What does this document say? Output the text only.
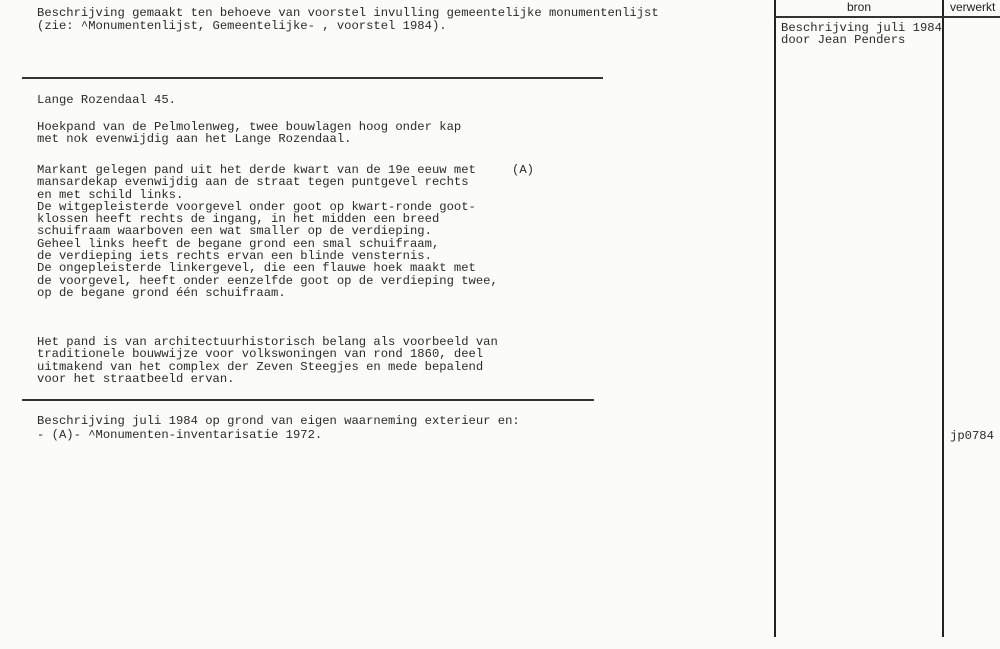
Beschrijving gemaakt ten behoeve van voorstel invulling gemeentelijke monumentenlijst
(zie: ^Monumentenlijst, Gemeentelijke- , voorstel 1984).
Lange Rozendaal 45.
Hoekpand van de Pelmolenweg, twee bouwlagen hoog onder kap
met nok evenwijdig aan het Lange Rozendaal.
Markant gelegen pand uit het derde kwart van de 19e eeuw met
mansardekap evenwijdig aan de straat tegen puntgevel rechts
en met schild links.
De witgepleisterde voorgevel onder goot op kwart-ronde goot-
klossen heeft rechts de ingang, in het midden een breed
schuifraam waarboven een wat smaller op de verdieping.
Geheel links heeft de begane grond een smal schuifraam,
de verdieping iets rechts ervan een blinde vensternis.
De ongepleisterde linkergevel, die een flauwe hoek maakt met
de voorgevel, heeft onder eenzelfde goot op de verdieping twee,
op de begane grond één schuifraam.
(A)
Het pand is van architectuurhistorisch belang als voorbeeld van
traditionele bouwwijze voor volkswoningen van rond 1860, deel
uitmakend van het complex der Zeven Steegjes en mede bepalend
voor het straatbeeld ervan.
Beschrijving juli 1984 op grond van eigen waarneming exterieur en:
- (A)- ^Monumenten-inventarisatie 1972.
bron	verwerkt
Beschrijving juli 1984
door Jean Penders
jp0784
